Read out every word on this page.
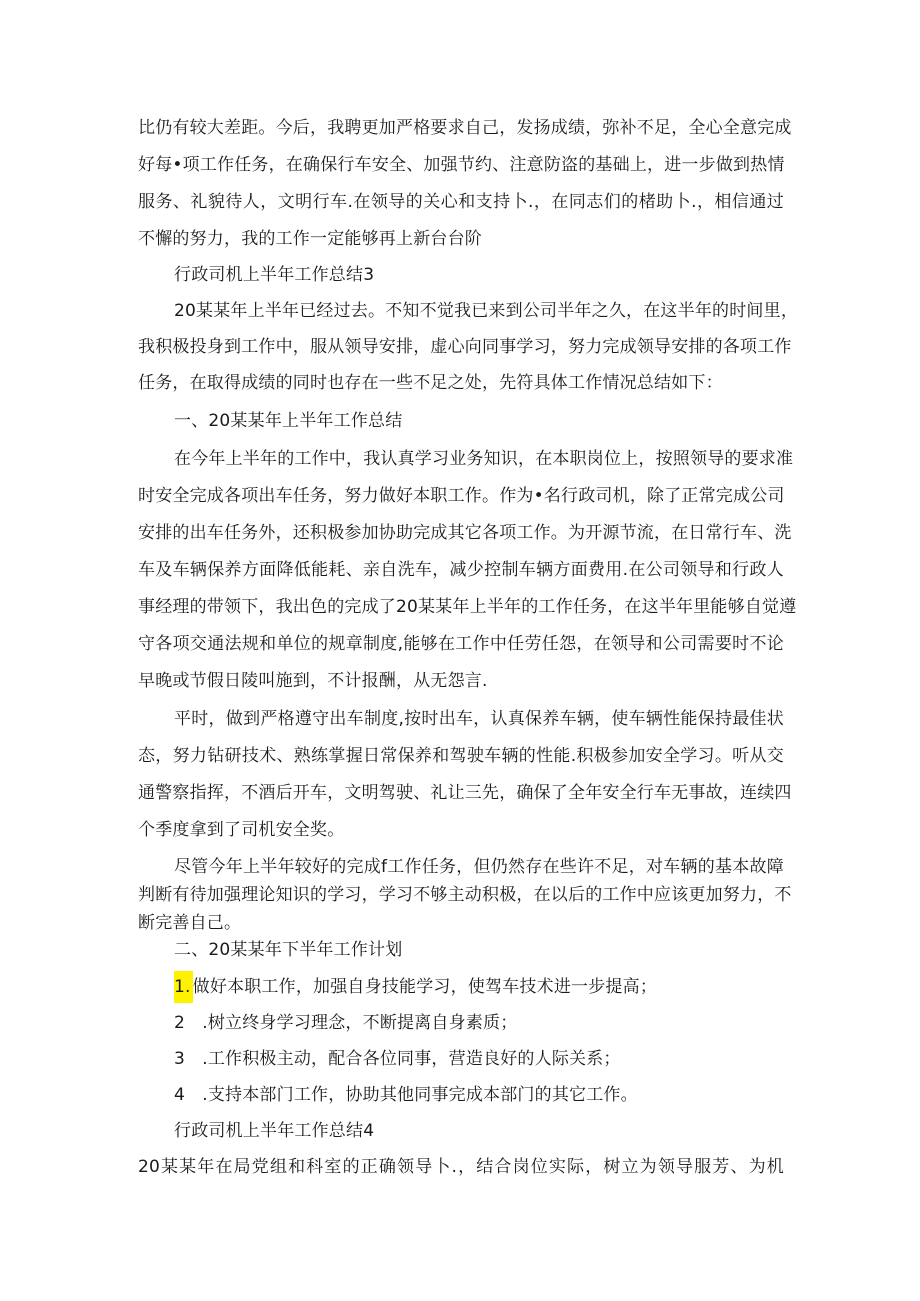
比仍有较大差距。今后，我聘更加严格要求自己，发扬成绩，弥补不足，全心全意完成
好每•项工作任务，在确保行车安全、加强节约、注意防盗的基础上，进一步做到热情
服务、礼貌待人，文明行车.在领导的关心和支持卜.，在同志们的楮助卜.，相信通过
不懈的努力，我的工作一定能够再上新台台阶
行政司机上半年工作总结3
20某某年上半年已经过去。不知不觉我已来到公司半年之久，在这半年的时间里，
我积极投身到工作中，服从领导安排，虚心向同事学习，努力完成领导安排的各项工作
任务，在取得成绩的同时也存在一些不足之处，先符具体工作情况总结如下：
一、20某某年上半年工作总结
在今年上半年的工作中，我认真学习业务知识，在本职岗位上，按照领导的要求准
时安全完成各项出车任务，努力做好本职工作。作为•名行政司机，除了正常完成公司
安排的出车任务外，还积极参加协助完成其它各项工作。为开源节流，在日常行车、洗
车及车辆保养方面降低能耗、亲自洗车，减少控制车辆方面费用.在公司领导和行政人
事经理的带领下，我出色的完成了20某某年上半年的工作任务，在这半年里能够自觉遵
守各项交通法规和单位的规章制度,能够在工作中任劳任怨，在领导和公司需要时不论
早晚或节假日陵叫施到，不计报酬，从无怨言.
平时，做到严格遵守出车制度,按时出车，认真保养车辆，使车辆性能保持最佳状
态，努力钻研技术、熟练掌握日常保养和驾驶车辆的性能.积极参加安全学习。听从交
通警察指挥，不酒后开车，文明驾驶、礼让三先，确保了全年安全行车无事故，连续四
个季度拿到了司机安全奖。
尽管今年上半年较好的完成f工作任务，但仍然存在些许不足，对车辆的基本故障
判断有待加强理论知识的学习，学习不够主动积极，在以后的工作中应该更加努力，不
断完善自己。
二、20某某年下半年工作计划
1. 做好本职工作，加强自身技能学习，使驾车技术进一步提高；
2　.树立终身学习理念，不断提离自身素质；
3　.工作积极主动，配合各位同事，营造良好的人际关系；
4　.支持本部门工作，协助其他同事完成本部门的其它工作。
行政司机上半年工作总结4
20某某年在局党组和科室的正确领导卜.，结合岗位实际，树立为领导服芳、为机
